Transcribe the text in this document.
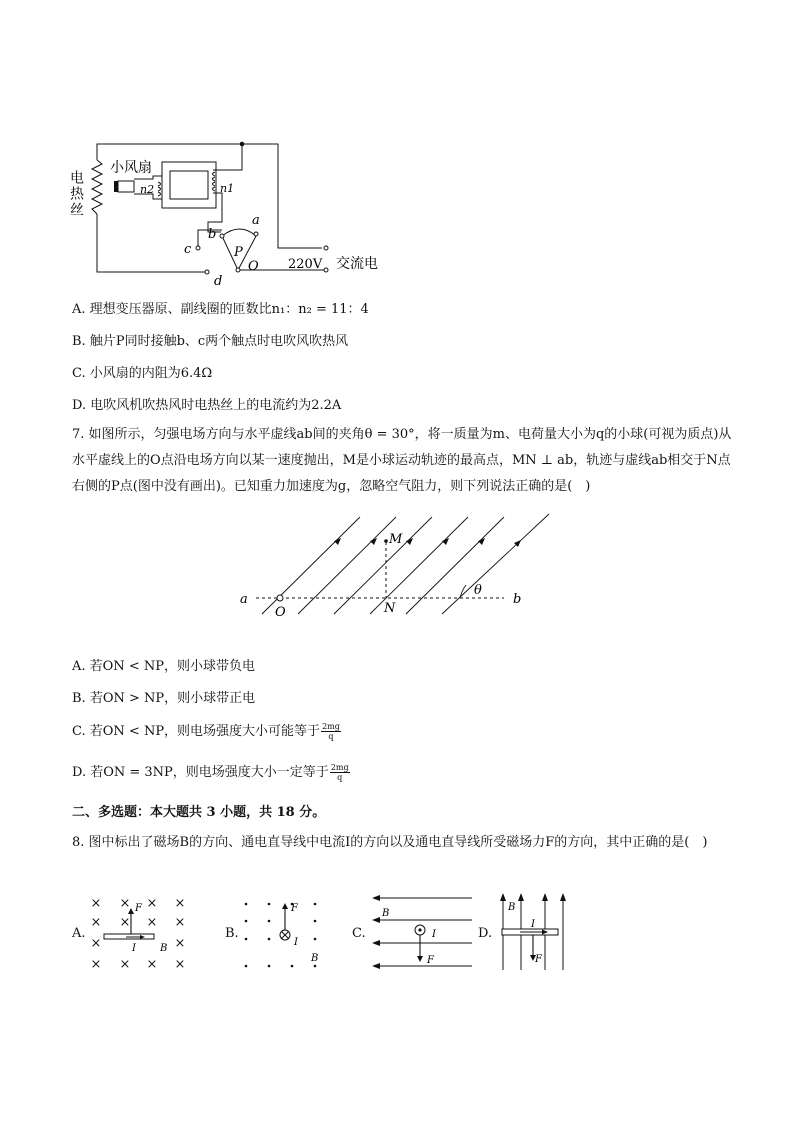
电热丝
小风扇
n2	n1
a
b
c
d
P
O 220V 交流电
A. 理想变压器原、副线圈的匝数比n₁：n₂ = 11：4
B. 触片P同时接触b、c两个触点时电吹风吹热风
C. 小风扇的内阻为6.4Ω
D. 电吹风机吹热风时电热丝上的电流约为2.2A
7. 如图所示，匀强电场方向与水平虚线ab间的夹角θ = 30°，将一质量为m、电荷量大小为q的小球(可视为质点)从水平虚线上的O点沿电场方向以某一速度抛出，M是小球运动轨迹的最高点，MN ⊥ ab，轨迹与虚线ab相交于N点右侧的P点(图中没有画出)。已知重力加速度为g，忽略空气阻力，则下列说法正确的是(　)
a	b
O	N
M
θ
A. 若ON < NP，则小球带负电
B. 若ON > NP，则小球带正电
C. 若ON < NP，则电场强度大小可能等于 $\frac{2mg}{q}$
D. 若ON = 3NP，则电场强度大小一定等于 $\frac{2mg}{q}$
二、多选题：本大题共 3 小题，共 18 分。
8. 图中标出了磁场B的方向、通电直导线中电流I的方向以及通电直导线所受磁场力F的方向，其中正确的是(　)
A.	B.	C.	D.
× × × ×
× × × ×
×	×
× × × ×
F
I B
F
I
B
B
I
F
B
I
F
